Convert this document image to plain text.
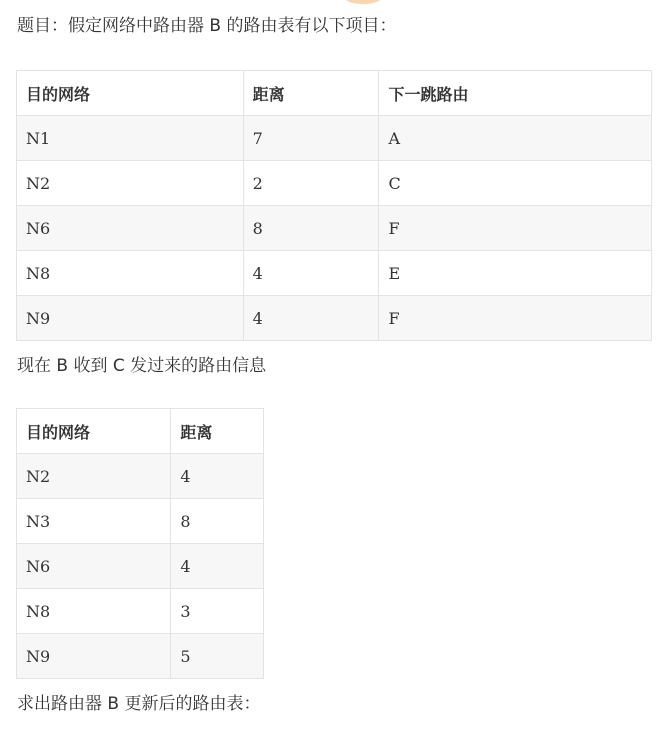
题目：假定网络中路由器 B 的路由表有以下项目：

目的网络	距离	下一跳路由
N1	7	A
N2	2	C
N6	8	F
N8	4	E
N9	4	F

现在 B 收到 C 发过来的路由信息

目的网络	距离
N2	4
N3	8
N6	4
N8	3
N9	5

求出路由器 B 更新后的路由表：
